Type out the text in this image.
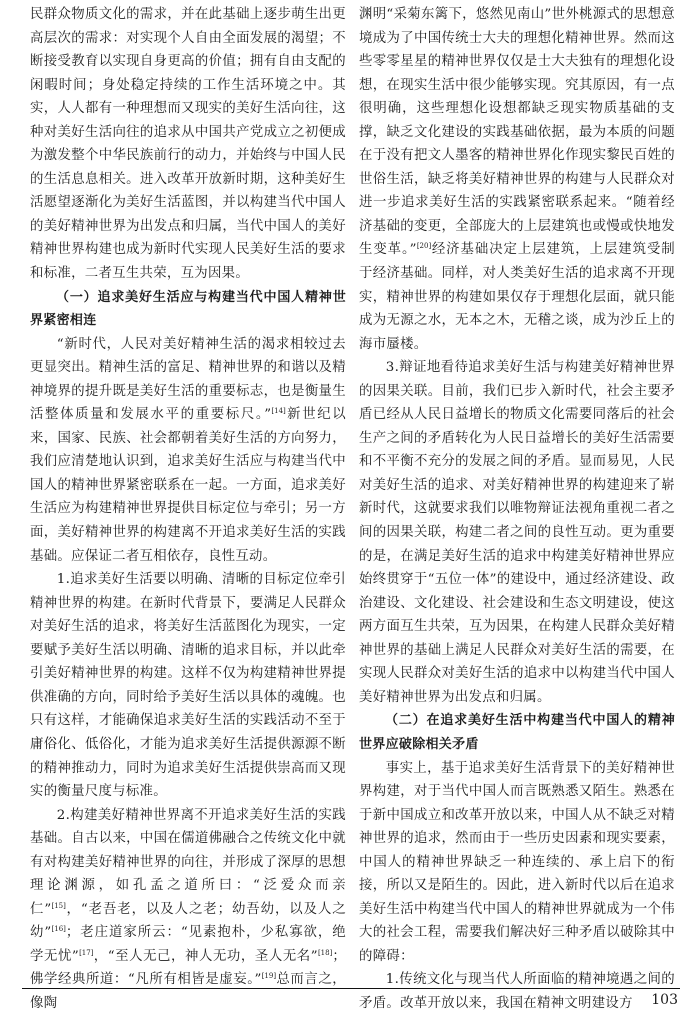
民群众物质文化的需求，并在此基础上逐步萌生出更高层次的需求：对实现个人自由全面发展的渴望；不断接受教育以实现自身更高的价值；拥有自由支配的闲暇时间；身处稳定持续的工作生活环境之中。其实，人人都有一种理想而又现实的美好生活向往，这种对美好生活向往的追求从中国共产党成立之初便成为激发整个中华民族前行的动力，并始终与中国人民的生活息息相关。进入改革开放新时期，这种美好生活愿望逐渐化为美好生活蓝图，并以构建当代中国人的美好精神世界为出发点和归属，当代中国人的美好精神世界构建也成为新时代实现人民美好生活的要求和标准，二者互生共荣，互为因果。

（一）追求美好生活应与构建当代中国人精神世界紧密相连

“新时代，人民对美好精神生活的渴求相较过去更显突出。精神生活的富足、精神世界的和谐以及精神境界的提升既是美好生活的重要标志，也是衡量生活整体质量和发展水平的重要标尺。”[14]新世纪以来，国家、民族、社会都朝着美好生活的方向努力，我们应清楚地认识到，追求美好生活应与构建当代中国人的精神世界紧密联系在一起。一方面，追求美好生活应为构建精神世界提供目标定位与牵引；另一方面，美好精神世界的构建离不开追求美好生活的实践基础。应保证二者互相依存，良性互动。

1.追求美好生活要以明确、清晰的目标定位牵引精神世界的构建。在新时代背景下，要满足人民群众对美好生活的追求，将美好生活蓝图化为现实，一定要赋予美好生活以明确、清晰的追求目标，并以此牵引美好精神世界的构建。这样不仅为构建精神世界提供准确的方向，同时给予美好生活以具体的魂魄。也只有这样，才能确保追求美好生活的实践活动不至于庸俗化、低俗化，才能为追求美好生活提供源源不断的精神推动力，同时为追求美好生活提供崇高而又现实的衡量尺度与标准。

2.构建美好精神世界离不开追求美好生活的实践基础。自古以来，中国在儒道佛融合之传统文化中就有对构建美好精神世界的向往，并形成了深厚的思想理论渊源，如孔孟之道所曰：“泛爱众而亲仁”[15]，“老吾老，以及人之老；幼吾幼，以及人之幼”[16]；老庄道家所云：“见素抱朴，少私寡欲，绝学无忧”[17]，“至人无己，神人无功，圣人无名”[18]；佛学经典所道：“凡所有相皆是虚妄。”[19]总而言之，像陶

渊明“采菊东篱下，悠然见南山”世外桃源式的思想意境成为了中国传统士大夫的理想化精神世界。然而这些零零星星的精神世界仅仅是士大夫独有的理想化设想，在现实生活中很少能够实现。究其原因，有一点很明确，这些理想化设想都缺乏现实物质基础的支撑，缺乏文化建设的实践基础依据，最为本质的问题在于没有把文人墨客的精神世界化作现实黎民百姓的世俗生活，缺乏将美好精神世界的构建与人民群众对进一步追求美好生活的实践紧密联系起来。“随着经济基础的变更，全部庞大的上层建筑也或慢或快地发生变革。”[20]经济基础决定上层建筑，上层建筑受制于经济基础。同样，对人类美好生活的追求离不开现实，精神世界的构建如果仅存于理想化层面，就只能成为无源之水，无本之木，无稽之谈，成为沙丘上的海市蜃楼。

3.辩证地看待追求美好生活与构建美好精神世界的因果关联。目前，我们已步入新时代，社会主要矛盾已经从人民日益增长的物质文化需要同落后的社会生产之间的矛盾转化为人民日益增长的美好生活需要和不平衡不充分的发展之间的矛盾。显而易见，人民对美好生活的追求、对美好精神世界的构建迎来了崭新时代，这就要求我们以唯物辩证法视角重视二者之间的因果关联，构建二者之间的良性互动。更为重要的是，在满足美好生活的追求中构建美好精神世界应始终贯穿于“五位一体”的建设中，通过经济建设、政治建设、文化建设、社会建设和生态文明建设，使这两方面互生共荣，互为因果，在构建人民群众美好精神世界的基础上满足人民群众对美好生活的需要，在实现人民群众对美好生活的追求中以构建当代中国人美好精神世界为出发点和归属。

（二）在追求美好生活中构建当代中国人的精神世界应破除相关矛盾

事实上，基于追求美好生活背景下的美好精神世界构建，对于当代中国人而言既熟悉又陌生。熟悉在于新中国成立和改革开放以来，中国人从不缺乏对精神世界的追求，然而由于一些历史因素和现实要素，中国人的精神世界缺乏一种连续的、承上启下的衔接，所以又是陌生的。因此，进入新时代以后在追求美好生活中构建当代中国人的精神世界就成为一个伟大的社会工程，需要我们解决好三种矛盾以破除其中的障碍：

1.传统文化与现当代人所面临的精神境遇之间的矛盾。改革开放以来，我国在精神文明建设方	103
